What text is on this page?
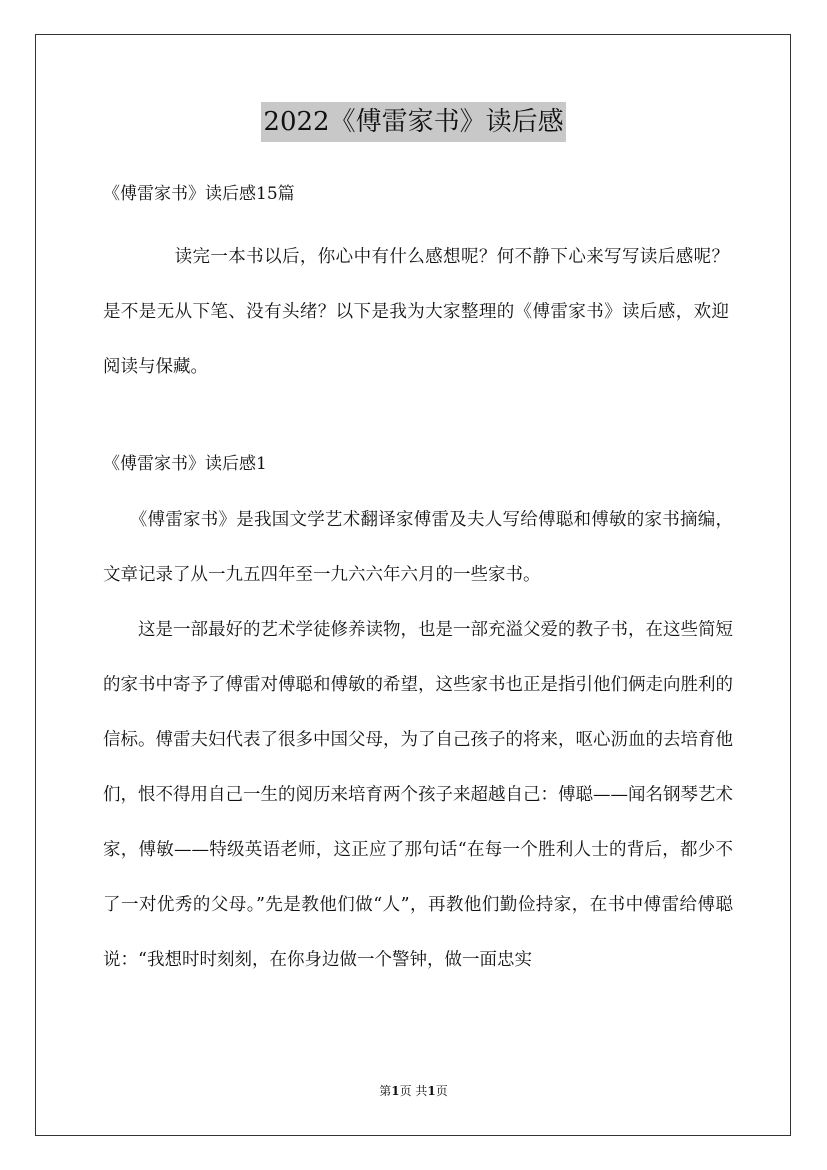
2022《傅雷家书》读后感

《傅雷家书》读后感15篇

　　　　读完一本书以后，你心中有什么感想呢？何不静下心来写写读后感呢？是不是无从下笔、没有头绪？以下是我为大家整理的《傅雷家书》读后感，欢迎阅读与保藏。

《傅雷家书》读后感1

　　《傅雷家书》是我国文学艺术翻译家傅雷及夫人写给傅聪和傅敏的家书摘编，文章记录了从一九五四年至一九六六年六月的一些家书。

　　这是一部最好的艺术学徒修养读物，也是一部充溢父爱的教子书，在这些简短的家书中寄予了傅雷对傅聪和傅敏的希望，这些家书也正是指引他们俩走向胜利的信标。傅雷夫妇代表了很多中国父母，为了自己孩子的将来，呕心沥血的去培育他们，恨不得用自己一生的阅历来培育两个孩子来超越自己：傅聪——闻名钢琴艺术家，傅敏——特级英语老师，这正应了那句话“在每一个胜利人士的背后，都少不了一对优秀的父母。”先是教他们做“人”，再教他们勤俭持家，在书中傅雷给傅聪说：“我想时时刻刻，在你身边做一个警钟，做一面忠实

第1页 共1页
